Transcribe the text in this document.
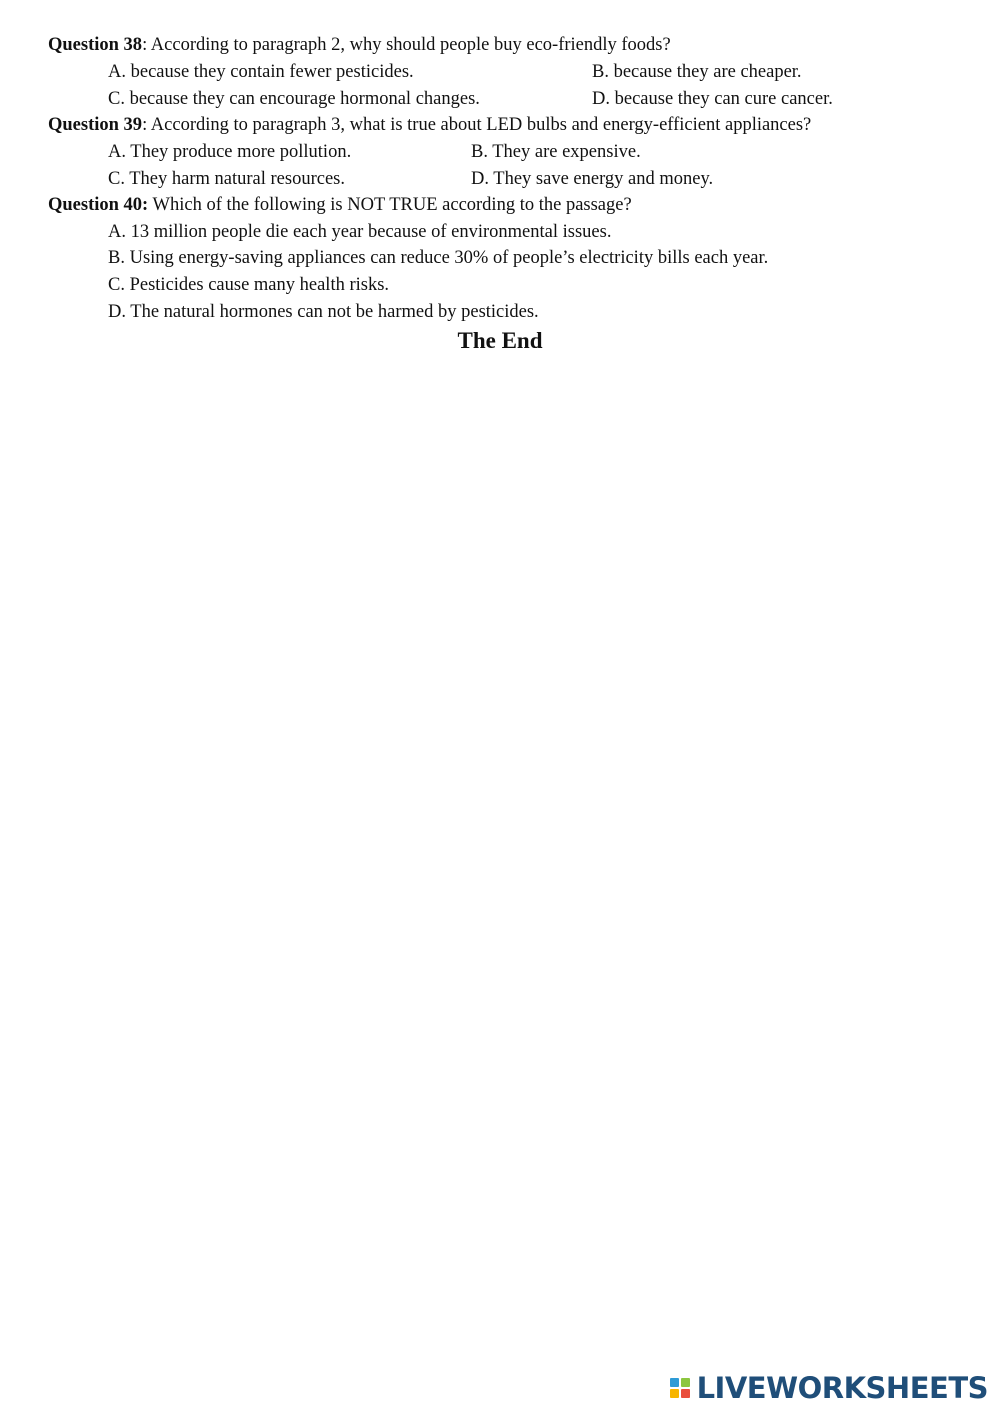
Question 38: According to paragraph 2, why should people buy eco-friendly foods?
A. because they contain fewer pesticides.	B. because they are cheaper.
C. because they can encourage hormonal changes.	D. because they can cure cancer.
Question 39: According to paragraph 3, what is true about LED bulbs and energy-efficient appliances?
A. They produce more pollution.	B. They are expensive.
C. They harm natural resources.	D. They save energy and money.
Question 40: Which of the following is NOT TRUE according to the passage?
A. 13 million people die each year because of environmental issues.
B. Using energy-saving appliances can reduce 30% of people’s electricity bills each year.
C. Pesticides cause many health risks.
D. The natural hormones can not be harmed by pesticides.
The End
LIVEWORKSHEETS
